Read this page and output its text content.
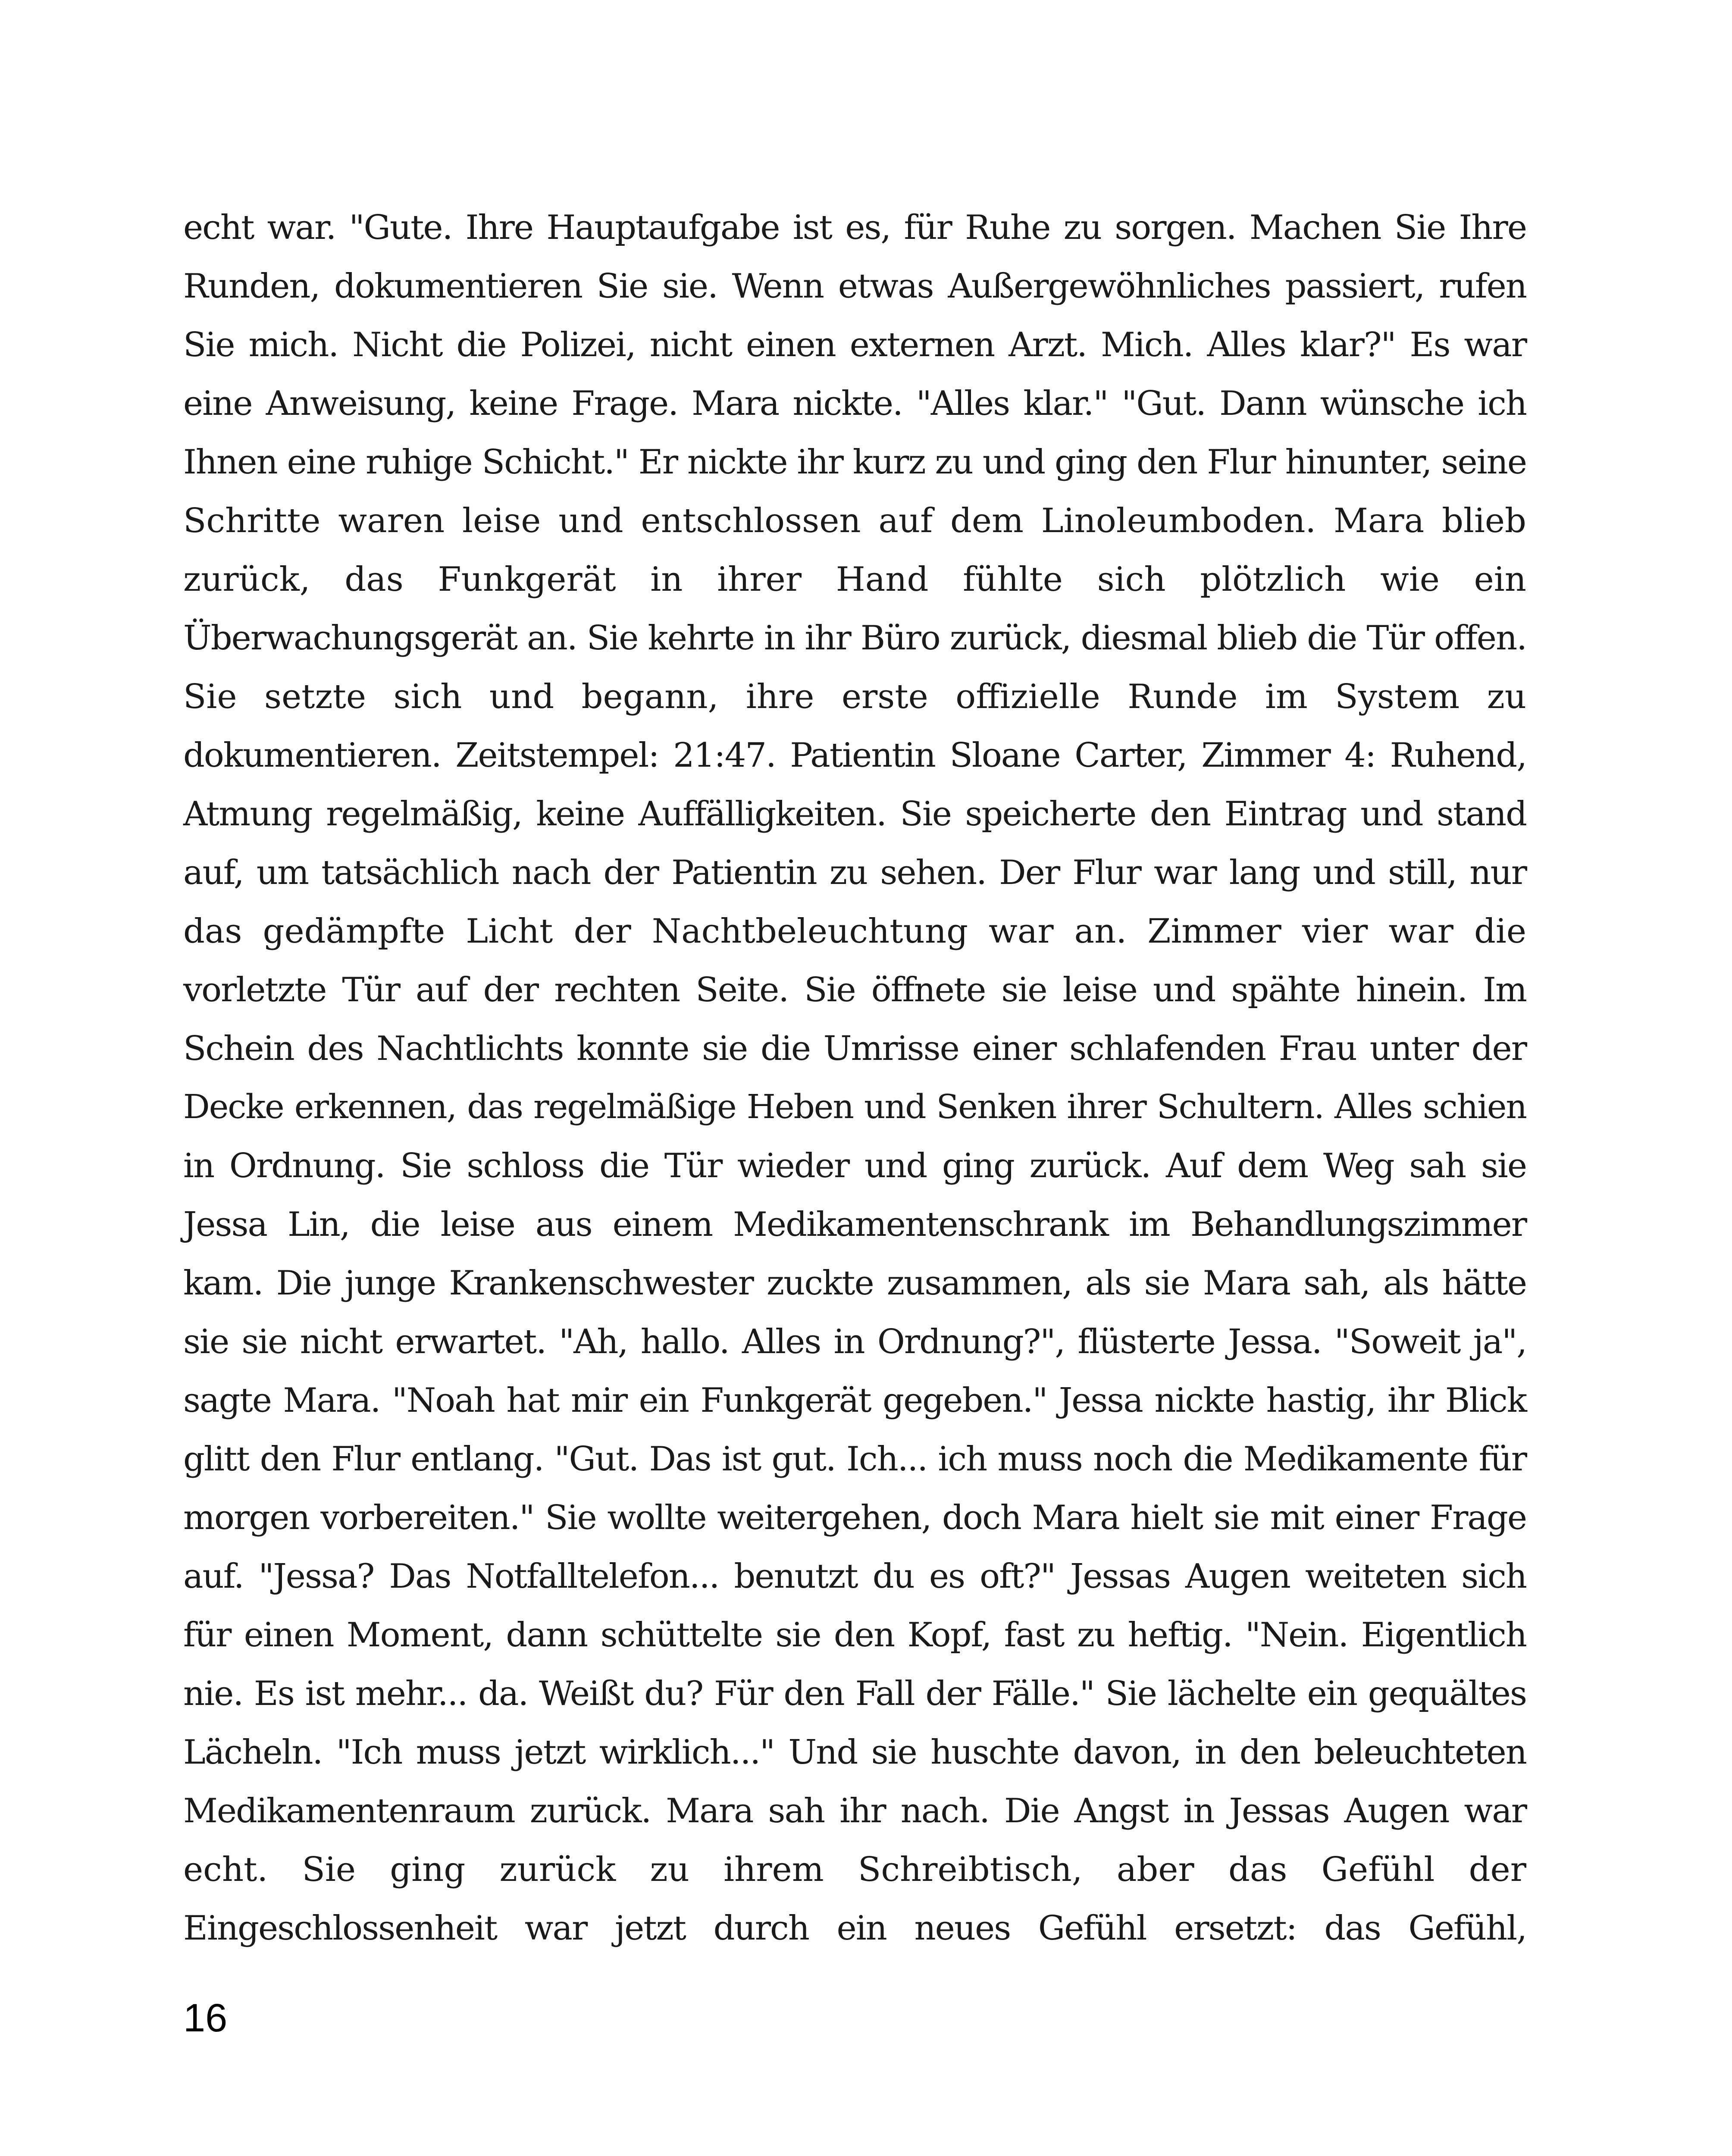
echt war. "Gute. Ihre Hauptaufgabe ist es, für Ruhe zu sorgen. Machen Sie Ihre
Runden, dokumentieren Sie sie. Wenn etwas Außergewöhnliches passiert, rufen
Sie mich. Nicht die Polizei, nicht einen externen Arzt. Mich. Alles klar?" Es war
eine Anweisung, keine Frage. Mara nickte. "Alles klar." "Gut. Dann wünsche ich
Ihnen eine ruhige Schicht." Er nickte ihr kurz zu und ging den Flur hinunter, seine
Schritte waren leise und entschlossen auf dem Linoleumboden. Mara blieb
zurück, das Funkgerät in ihrer Hand fühlte sich plötzlich wie ein
Überwachungsgerät an. Sie kehrte in ihr Büro zurück, diesmal blieb die Tür offen.
Sie setzte sich und begann, ihre erste offizielle Runde im System zu
dokumentieren. Zeitstempel: 21:47. Patientin Sloane Carter, Zimmer 4: Ruhend,
Atmung regelmäßig, keine Auffälligkeiten. Sie speicherte den Eintrag und stand
auf, um tatsächlich nach der Patientin zu sehen. Der Flur war lang und still, nur
das gedämpfte Licht der Nachtbeleuchtung war an. Zimmer vier war die
vorletzte Tür auf der rechten Seite. Sie öffnete sie leise und spähte hinein. Im
Schein des Nachtlichts konnte sie die Umrisse einer schlafenden Frau unter der
Decke erkennen, das regelmäßige Heben und Senken ihrer Schultern. Alles schien
in Ordnung. Sie schloss die Tür wieder und ging zurück. Auf dem Weg sah sie
Jessa Lin, die leise aus einem Medikamentenschrank im Behandlungszimmer
kam. Die junge Krankenschwester zuckte zusammen, als sie Mara sah, als hätte
sie sie nicht erwartet. "Ah, hallo. Alles in Ordnung?", flüsterte Jessa. "Soweit ja",
sagte Mara. "Noah hat mir ein Funkgerät gegeben." Jessa nickte hastig, ihr Blick
glitt den Flur entlang. "Gut. Das ist gut. Ich... ich muss noch die Medikamente für
morgen vorbereiten." Sie wollte weitergehen, doch Mara hielt sie mit einer Frage
auf. "Jessa? Das Notfalltelefon... benutzt du es oft?" Jessas Augen weiteten sich
für einen Moment, dann schüttelte sie den Kopf, fast zu heftig. "Nein. Eigentlich
nie. Es ist mehr... da. Weißt du? Für den Fall der Fälle." Sie lächelte ein gequältes
Lächeln. "Ich muss jetzt wirklich..." Und sie huschte davon, in den beleuchteten
Medikamentenraum zurück. Mara sah ihr nach. Die Angst in Jessas Augen war
echt. Sie ging zurück zu ihrem Schreibtisch, aber das Gefühl der
Eingeschlossenheit war jetzt durch ein neues Gefühl ersetzt: das Gefühl,
16
